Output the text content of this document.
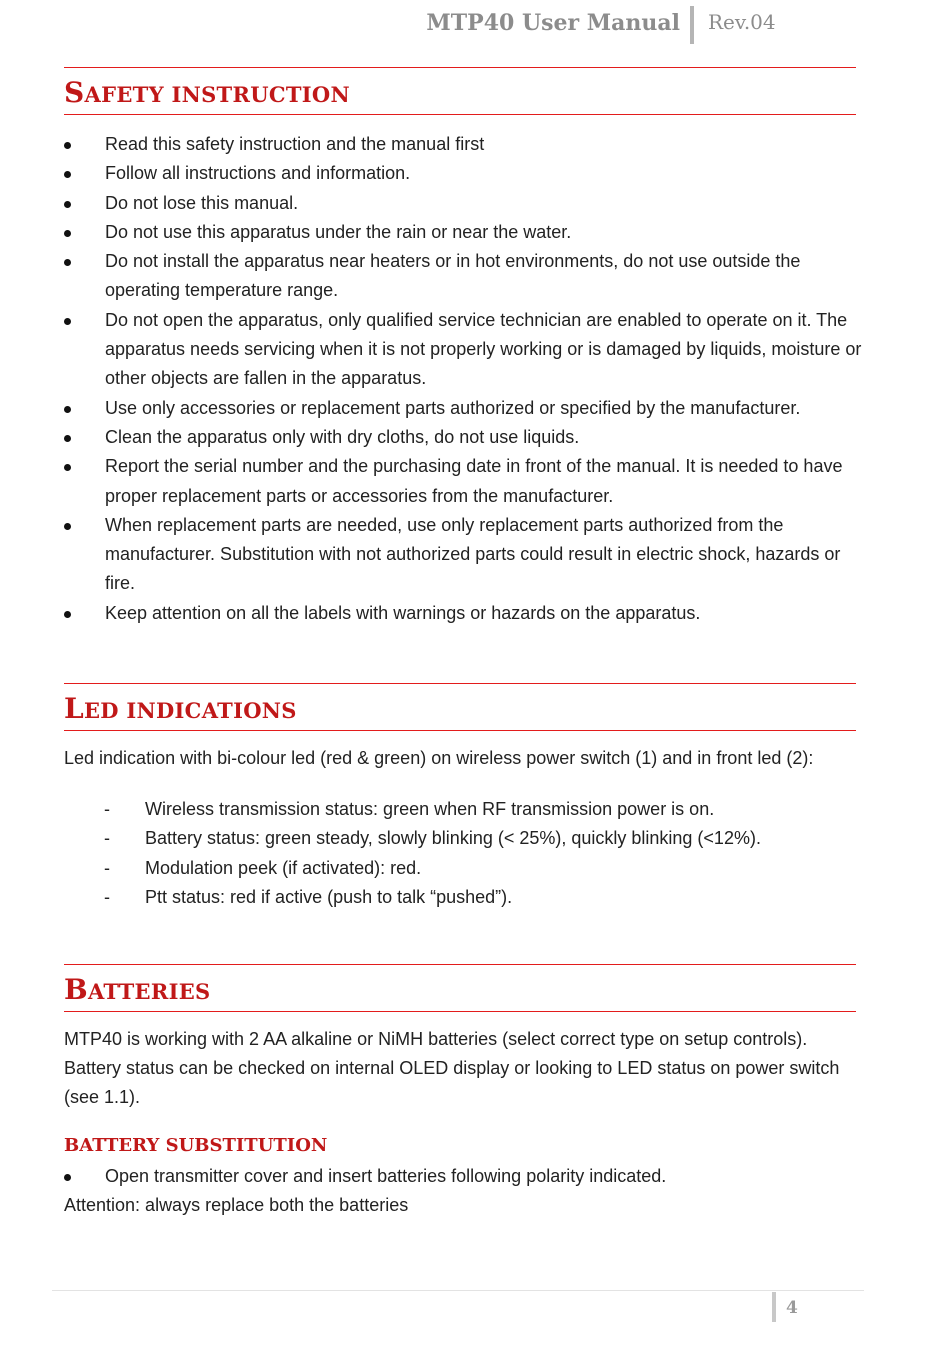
MTP40 User Manual Rev.04
SAFETY INSTRUCTION
Read this safety instruction and the manual first
Follow all instructions and information.
Do not lose this manual.
Do not use this apparatus under the rain or near the water.
Do not install the apparatus near heaters or in hot environments, do not use outside the operating temperature range.
Do not open the apparatus, only qualified service technician are enabled to operate on it. The apparatus needs servicing when it is not properly working or is damaged by liquids, moisture or other objects are fallen in the apparatus.
Use only accessories or replacement parts authorized or specified by the manufacturer.
Clean the apparatus only with dry cloths, do not use liquids.
Report the serial number and the purchasing date in front of the manual. It is needed to have proper replacement parts or accessories from the manufacturer.
When replacement parts are needed, use only replacement parts authorized from the manufacturer. Substitution with not authorized parts could result in electric shock, hazards or fire.
Keep attention on all the labels with warnings or hazards on the apparatus.
LED INDICATIONS

Led indication with bi-colour led (red & green) on wireless power switch (1) and in front led (2):

- Wireless transmission status: green when RF transmission power is on.
- Battery status: green steady, slowly blinking (< 25%), quickly blinking (<12%).
- Modulation peek (if activated): red.
- Ptt status: red if active (push to talk “pushed”).
BATTERIES

MTP40 is working with 2 AA alkaline or NiMH batteries (select correct type on setup controls). Battery status can be checked on internal OLED display or looking to LED status on power switch (see 1.1).

BATTERY SUBSTITUTION
Open transmitter cover and insert batteries following polarity indicated.

Attention: always replace both the batteries

4
